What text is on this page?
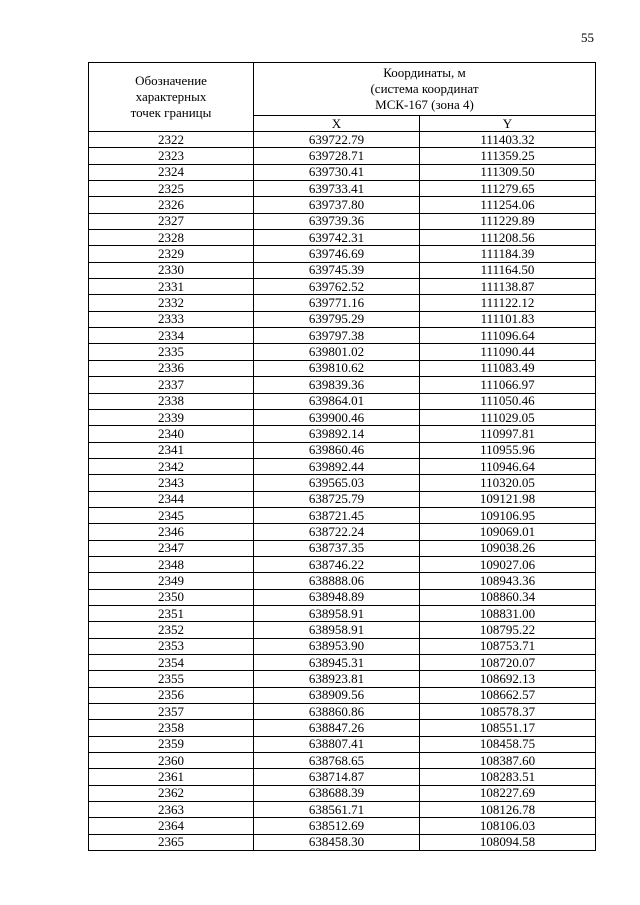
55
Обозначение
характерных
точек границы	Координаты, м
(система координат
МСК-167 (зона 4)	

	X	Y
2322	639722.79	111403.32
2323	639728.71	111359.25
2324	639730.41	111309.50
2325	639733.41	111279.65
2326	639737.80	111254.06
2327	639739.36	111229.89
2328	639742.31	111208.56
2329	639746.69	111184.39
2330	639745.39	111164.50
2331	639762.52	111138.87
2332	639771.16	111122.12
2333	639795.29	111101.83
2334	639797.38	111096.64
2335	639801.02	111090.44
2336	639810.62	111083.49
2337	639839.36	111066.97
2338	639864.01	111050.46
2339	639900.46	111029.05
2340	639892.14	110997.81
2341	639860.46	110955.96
2342	639892.44	110946.64
2343	639565.03	110320.05
2344	638725.79	109121.98
2345	638721.45	109106.95
2346	638722.24	109069.01
2347	638737.35	109038.26
2348	638746.22	109027.06
2349	638888.06	108943.36
2350	638948.89	108860.34
2351	638958.91	108831.00
2352	638958.91	108795.22
2353	638953.90	108753.71
2354	638945.31	108720.07
2355	638923.81	108692.13
2356	638909.56	108662.57
2357	638860.86	108578.37
2358	638847.26	108551.17
2359	638807.41	108458.75
2360	638768.65	108387.60
2361	638714.87	108283.51
2362	638688.39	108227.69
2363	638561.71	108126.78
2364	638512.69	108106.03
2365	638458.30	108094.58
